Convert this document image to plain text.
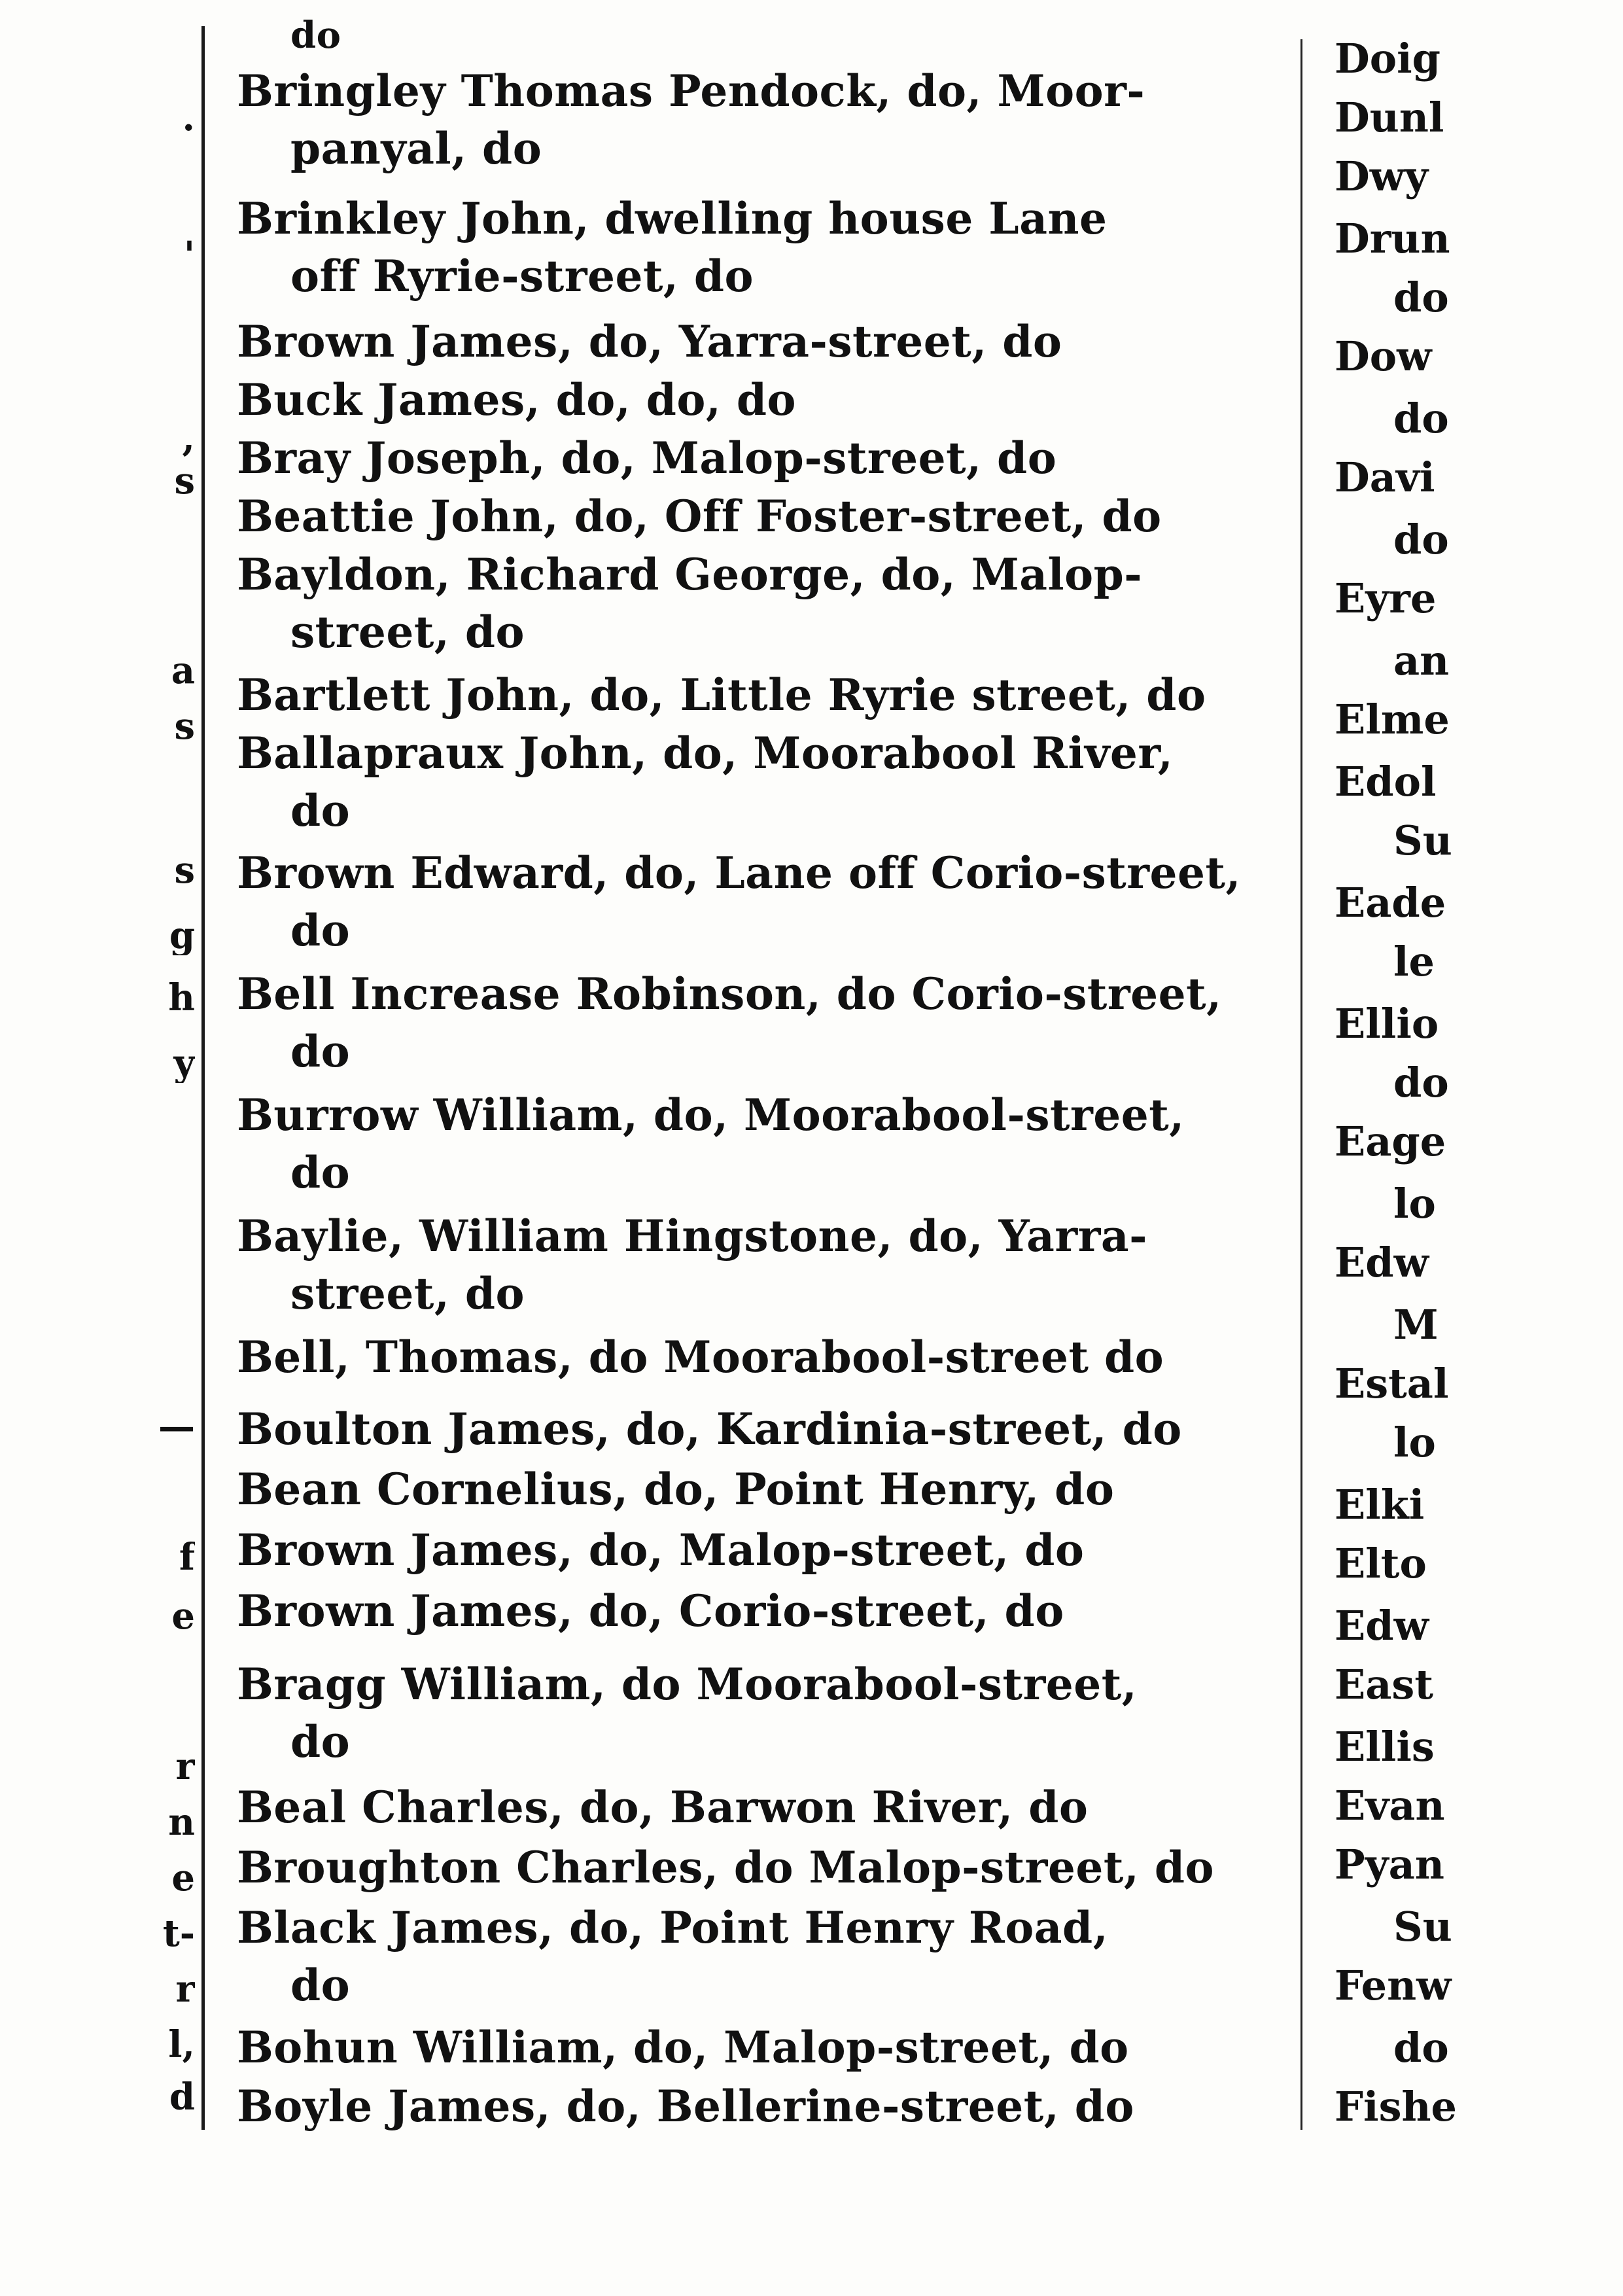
.
'
,
s
a
s
s
g
h
y
—
f
e
r
n
e
t-
r
l,
d
do
Bringley Thomas Pendock, do, Moor-
panyal, do
Brinkley John, dwelling house Lane
off Ryrie-street, do
Brown James, do, Yarra-street, do
Buck James, do, do, do
Bray Joseph, do, Malop-street, do
Beattie John, do, Off Foster-street, do
Bayldon, Richard George, do, Malop-
street, do
Bartlett John, do, Little Ryrie street, do
Ballapraux John, do, Moorabool River,
do
Brown Edward, do, Lane off Corio-street,
do
Bell Increase Robinson, do Corio-street,
do
Burrow William, do, Moorabool-street,
do
Baylie, William Hingstone, do, Yarra-
street, do
Bell, Thomas, do Moorabool-street do
Boulton James, do, Kardinia-street, do
Bean Cornelius, do, Point Henry, do
Brown James, do, Malop-street, do
Brown James, do, Corio-street, do
Bragg William, do Moorabool-street,
do
Beal Charles, do, Barwon River, do
Broughton Charles, do Malop-street, do
Black James, do, Point Henry Road,
do
Bohun William, do, Malop-street, do
Boyle James, do, Bellerine-street, do
Doig
Dunl
Dwy
Drun
do
Dow
do
Davi
do
Eyre
an
Elme
Edol
Su
Eade
le
Ellio
do
Eage
lo
Edw
M
Estal
lo
Elki
Elto
Edw
East
Ellis
Evan
Pyan
Su
Fenw
do
Fishe
